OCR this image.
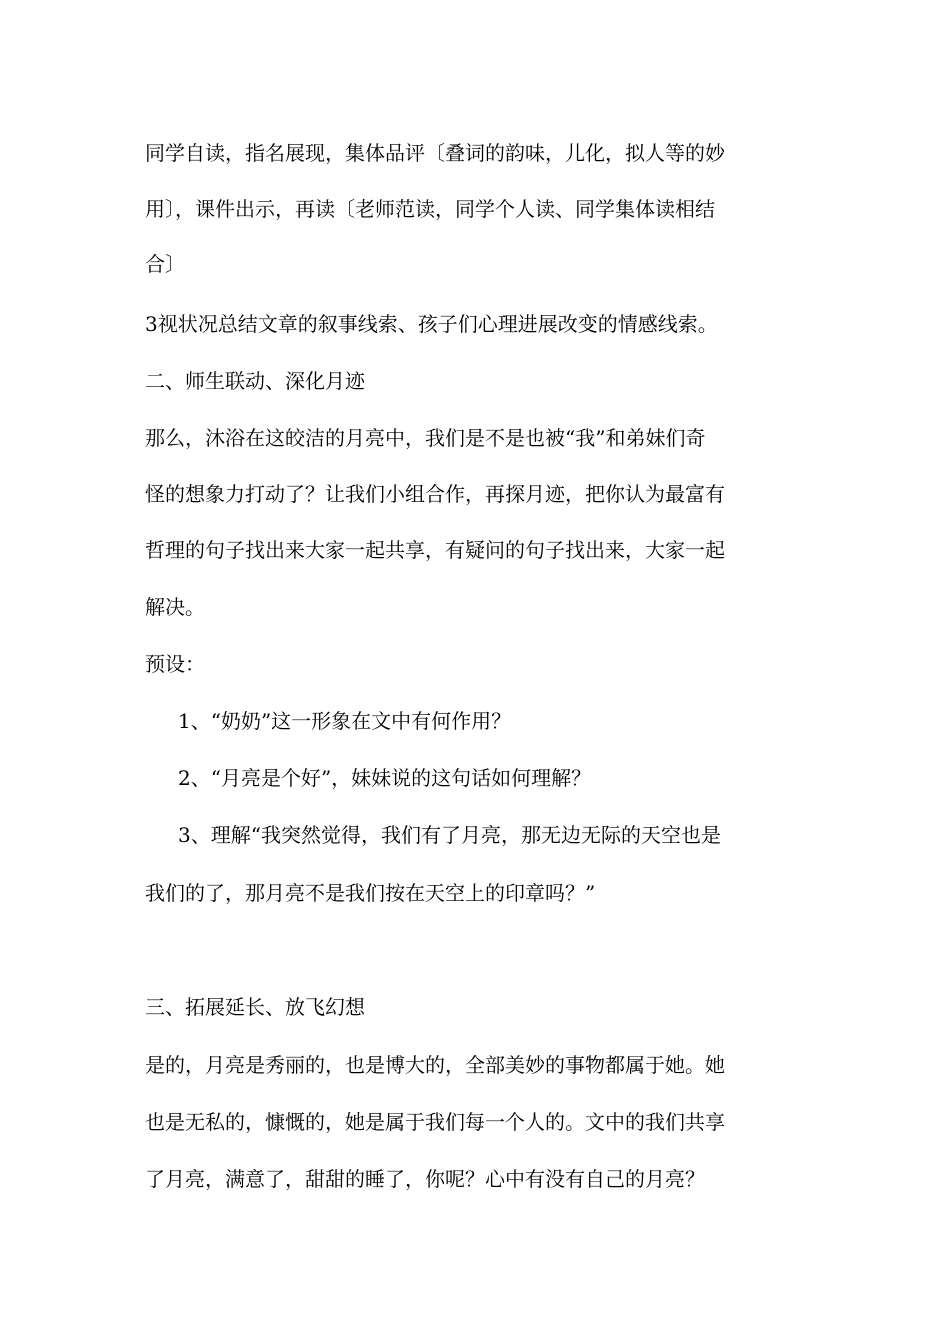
同学自读，指名展现，集体品评〔叠词的韵味，儿化，拟人等的妙
用〕，课件出示，再读〔老师范读，同学个人读、同学集体读相结
合〕
3视状况总结文章的叙事线索、孩子们心理进展改变的情感线索。
二、师生联动、深化月迹
那么，沐浴在这皎洁的月亮中，我们是不是也被“我”和弟妹们奇
怪的想象力打动了？让我们小组合作，再探月迹，把你认为最富有
哲理的句子找出来大家一起共享，有疑问的句子找出来，大家一起
解决。
预设：
1、“奶奶”这一形象在文中有何作用？
2、“月亮是个好”，妹妹说的这句话如何理解？
3、理解“我突然觉得，我们有了月亮，那无边无际的天空也是
我们的了，那月亮不是我们按在天空上的印章吗？”
三、拓展延长、放飞幻想
是的，月亮是秀丽的，也是博大的，全部美妙的事物都属于她。她
也是无私的，慷慨的，她是属于我们每一个人的。文中的我们共享
了月亮，满意了，甜甜的睡了，你呢？心中有没有自己的月亮？
